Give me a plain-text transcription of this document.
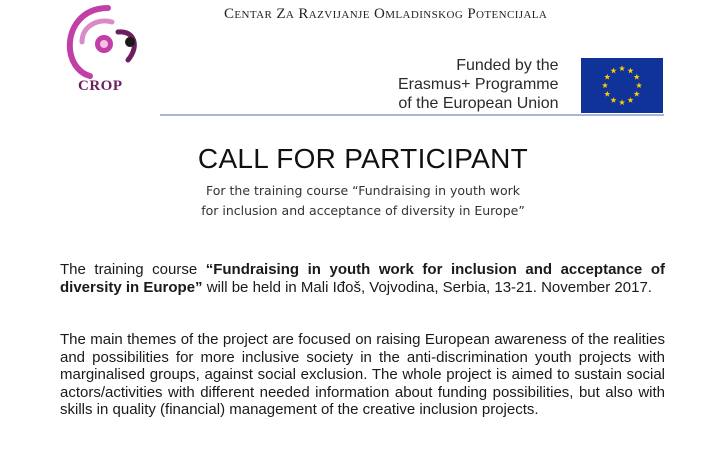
CROP
Centar Za Razvijanje Omladinskog Potencijala
Funded by the
Erasmus+ Programme
of the European Union
CALL FOR PARTICIPANT
For the training course “Fundraising in youth work
for inclusion and acceptance of diversity in Europe”
The training course “Fundraising in youth work for inclusion and acceptance of diversity in Europe” will be held in Mali Iđoš, Vojvodina, Serbia, 13-21. November 2017.
The main themes of the project are focused on raising European awareness of the realities and possibilities for more inclusive society in the anti-discrimination youth projects with marginalised groups, against social exclusion. The whole project is aimed to sustain social actors/activities with different needed information about funding possibilities, but also with skills in quality (financial) management of the creative inclusion projects.
